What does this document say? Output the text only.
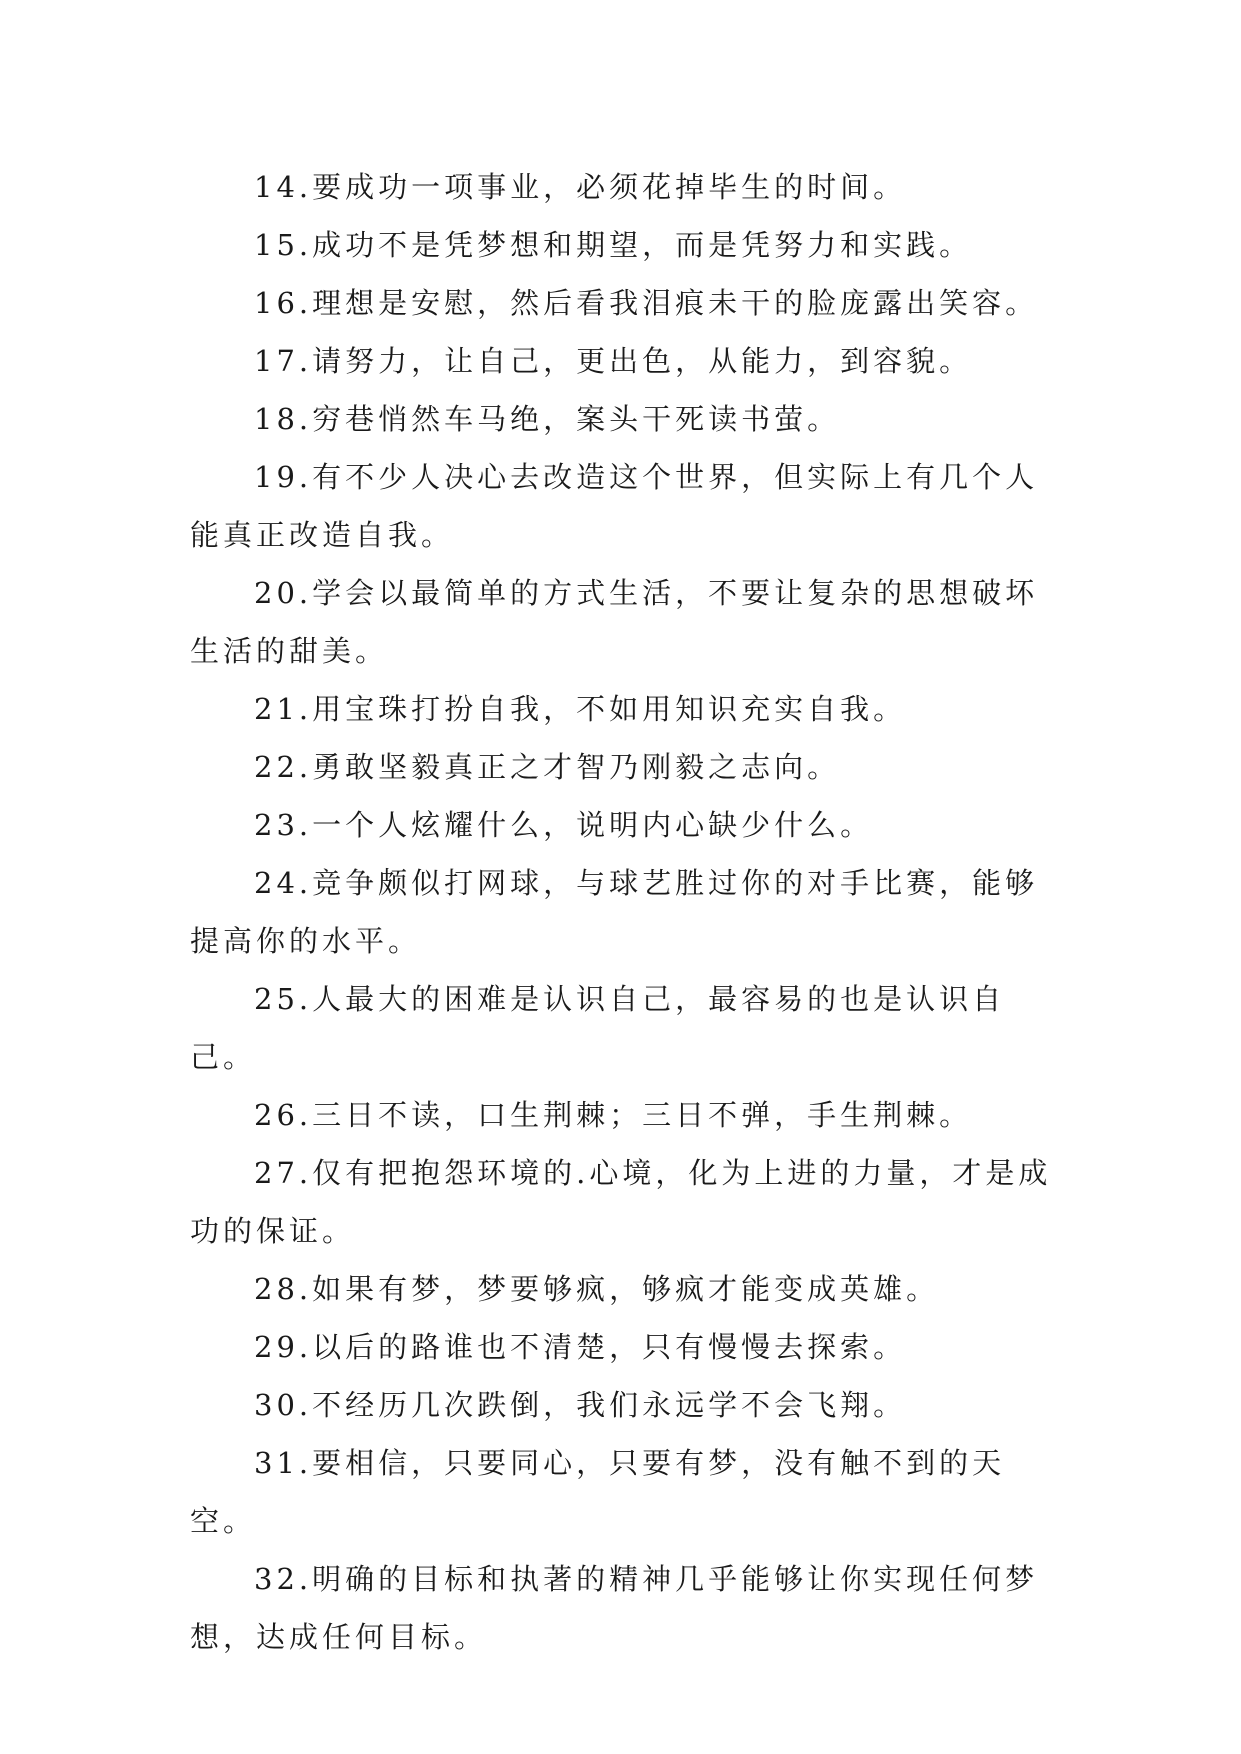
14.要成功一项事业，必须花掉毕生的时间。

15.成功不是凭梦想和期望，而是凭努力和实践。

16.理想是安慰，然后看我泪痕未干的脸庞露出笑容。

17.请努力，让自己，更出色，从能力，到容貌。

18.穷巷悄然车马绝，案头干死读书萤。

19.有不少人决心去改造这个世界，但实际上有几个人能真正改造自我。

20.学会以最简单的方式生活，不要让复杂的思想破坏生活的甜美。

21.用宝珠打扮自我，不如用知识充实自我。

22.勇敢坚毅真正之才智乃刚毅之志向。

23.一个人炫耀什么，说明内心缺少什么。

24.竞争颇似打网球，与球艺胜过你的对手比赛，能够提高你的水平。

25.人最大的困难是认识自己，最容易的也是认识自己。

26.三日不读，口生荆棘；三日不弹，手生荆棘。

27.仅有把抱怨环境的.心境，化为上进的力量，才是成功的保证。

28.如果有梦，梦要够疯，够疯才能变成英雄。

29.以后的路谁也不清楚，只有慢慢去探索。

30.不经历几次跌倒，我们永远学不会飞翔。

31.要相信，只要同心，只要有梦，没有触不到的天空。

32.明确的目标和执著的精神几乎能够让你实现任何梦想，达成任何目标。
